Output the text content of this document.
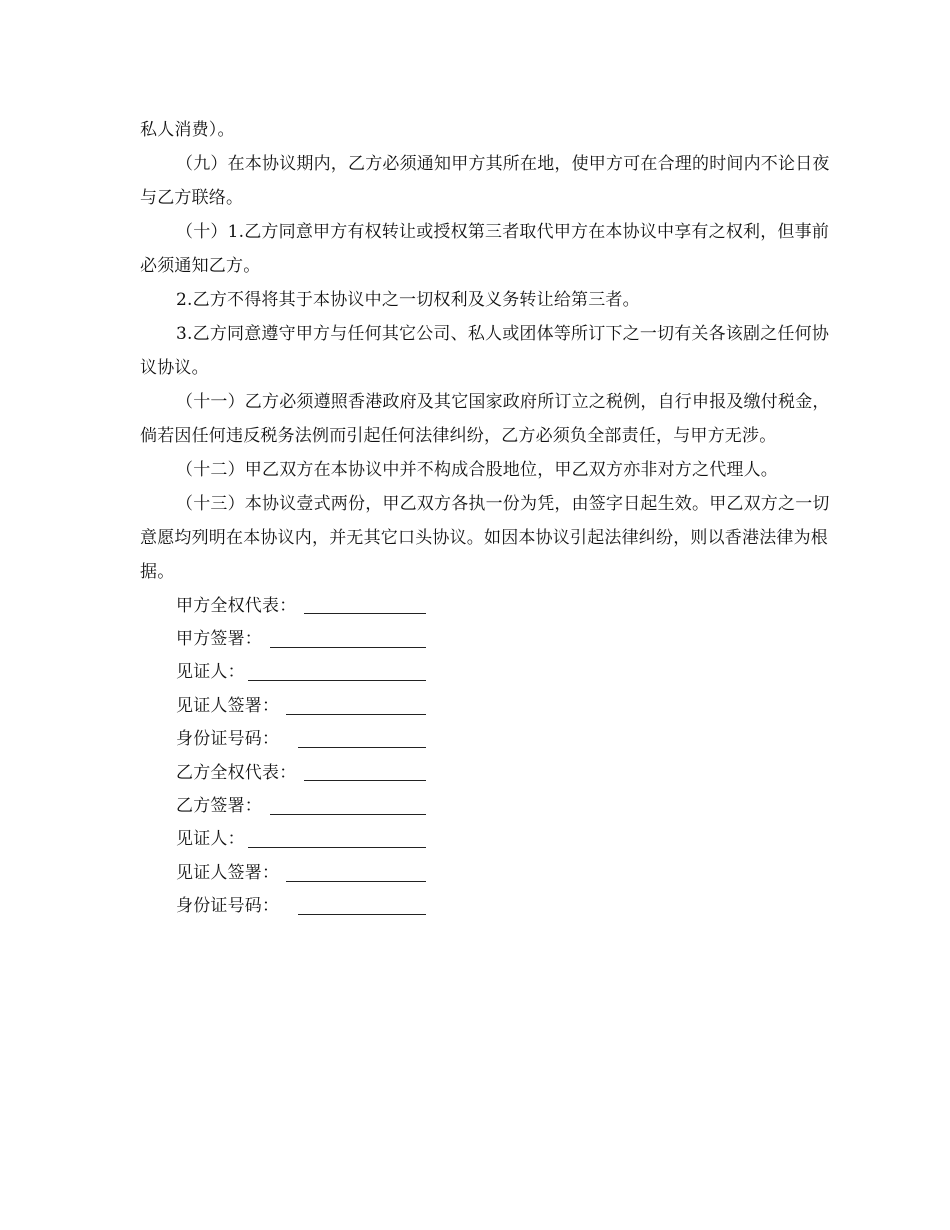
私人消费）。

（九）在本协议期内，乙方必须通知甲方其所在地，使甲方可在合理的时间内不论日夜与乙方联络。

（十）1.乙方同意甲方有权转让或授权第三者取代甲方在本协议中享有之权利，但事前必须通知乙方。

2.乙方不得将其于本协议中之一切权利及义务转让给第三者。

3.乙方同意遵守甲方与任何其它公司、私人或团体等所订下之一切有关各该剧之任何协议协议。

（十一）乙方必须遵照香港政府及其它国家政府所订立之税例，自行申报及缴付税金，倘若因任何违反税务法例而引起任何法律纠纷，乙方必须负全部责任，与甲方无涉。

（十二）甲乙双方在本协议中并不构成合股地位，甲乙双方亦非对方之代理人。

（十三）本协议壹式两份，甲乙双方各执一份为凭，由签字日起生效。甲乙双方之一切意愿均列明在本协议内，并无其它口头协议。如因本协议引起法律纠纷，则以香港法律为根据。

甲方全权代表：
甲方签署：
见证人：
见证人签署：
身份证号码：
乙方全权代表：
乙方签署：
见证人：
见证人签署：
身份证号码：
